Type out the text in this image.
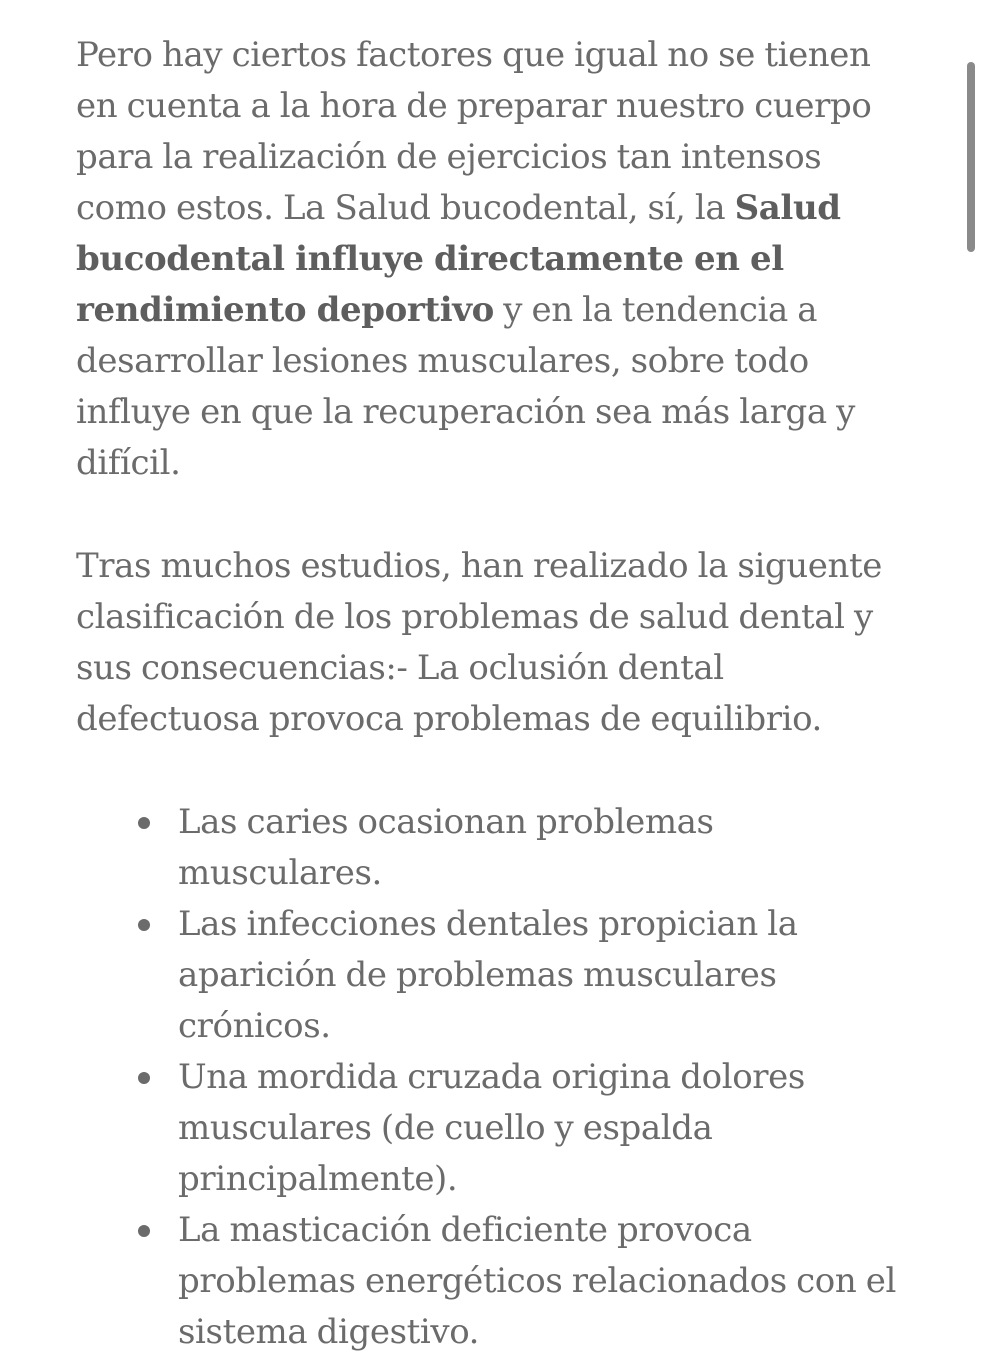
Pero hay ciertos factores que igual no se tienen en cuenta a la hora de preparar nuestro cuerpo para la realización de ejercicios tan intensos como estos. La Salud bucodental, sí, la Salud bucodental influye directamente en el rendimiento deportivo y en la tendencia a desarrollar lesiones musculares, sobre todo influye en que la recuperación sea más larga y difícil.

Tras muchos estudios, han realizado la siguente clasificación de los problemas de salud dental y sus consecuencias:- La oclusión dental defectuosa provoca problemas de equilibrio.

Las caries ocasionan problemas musculares.
Las infecciones dentales propician la aparición de problemas musculares crónicos.
Una mordida cruzada origina dolores musculares (de cuello y espalda principalmente).
La masticación deficiente provoca problemas energéticos relacionados con el sistema digestivo.
